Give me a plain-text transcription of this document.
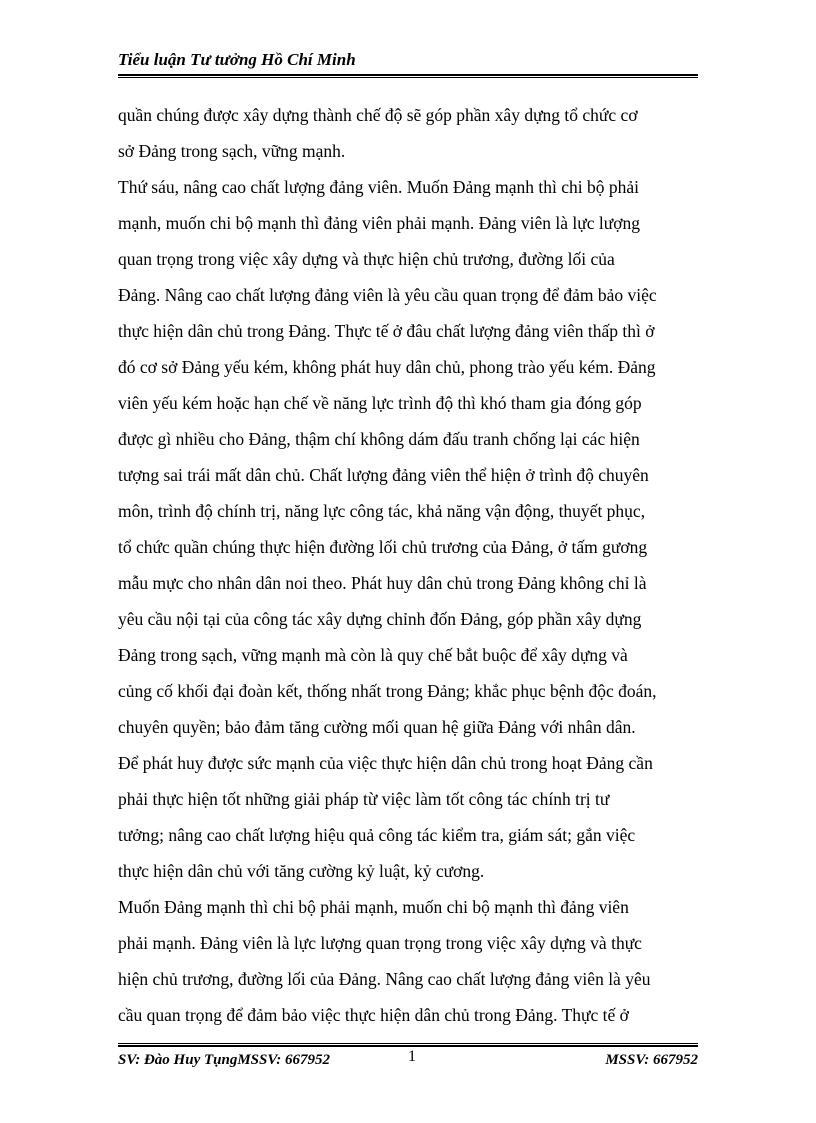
Tiểu luận Tư tưởng Hồ Chí Minh
quần chúng được xây dựng thành chế độ sẽ góp phần xây dựng tổ chức cơ
sở Đảng trong sạch, vững mạnh.
Thứ sáu, nâng cao chất lượng đảng viên. Muốn Đảng mạnh thì chi bộ phải
mạnh, muốn chi bộ mạnh thì đảng viên phải mạnh. Đảng viên là lực lượng
quan trọng trong việc xây dựng và thực hiện chủ trương, đường lối của
Đảng. Nâng cao chất lượng đảng viên là yêu cầu quan trọng để đảm bảo việc
thực hiện dân chủ trong Đảng. Thực tế ở đâu chất lượng đảng viên thấp thì ở
đó cơ sở Đảng yếu kém, không phát huy dân chủ, phong trào yếu kém. Đảng
viên yếu kém hoặc hạn chế về năng lực trình độ thì khó tham gia đóng góp
được gì nhiều cho Đảng, thậm chí không dám đấu tranh chống lại các hiện
tượng sai trái mất dân chủ. Chất lượng đảng viên thể hiện ở trình độ chuyên
môn, trình độ chính trị, năng lực công tác, khả năng vận động, thuyết phục,
tổ chức quần chúng thực hiện đường lối chủ trương của Đảng, ở tấm gương
mẫu mực cho nhân dân noi theo. Phát huy dân chủ trong Đảng không chỉ là
yêu cầu nội tại của công tác xây dựng chỉnh đốn Đảng, góp phần xây dựng
Đảng trong sạch, vững mạnh mà còn là quy chế bắt buộc để xây dựng và
củng cố khối đại đoàn kết, thống nhất trong Đảng; khắc phục bệnh độc đoán,
chuyên quyền; bảo đảm tăng cường mối quan hệ giữa Đảng với nhân dân.
Để phát huy được sức mạnh của việc thực hiện dân chủ trong hoạt Đảng cần
phải thực hiện tốt những giải pháp từ việc làm tốt công tác chính trị tư
tưởng; nâng cao chất lượng hiệu quả công tác kiểm tra, giám sát; gắn việc
thực hiện dân chủ với tăng cường kỷ luật, kỷ cương.
Muốn Đảng mạnh thì chi bộ phải mạnh, muốn chi bộ mạnh thì đảng viên
phải mạnh. Đảng viên là lực lượng quan trọng trong việc xây dựng và thực
hiện chủ trương, đường lối của Đảng. Nâng cao chất lượng đảng viên là yêu
cầu quan trọng để đảm bảo việc thực hiện dân chủ trong Đảng. Thực tế ở
SV: Đào Huy TụngMSSV: 667952	1	MSSV: 667952
